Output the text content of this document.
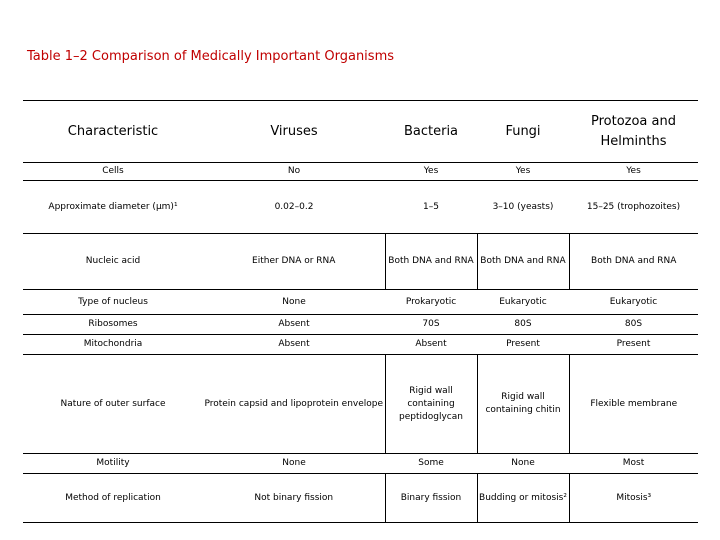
Table 1–2 Comparison of Medically Important Organisms
Characteristic	Viruses	Bacteria	Fungi	Protozoa and Helminths
Cells	No	Yes	Yes	Yes
Approximate diameter (μm)¹	0.02–0.2	1–5	3–10 (yeasts)	15–25 (trophozoites)
Nucleic acid	Either DNA or RNA	Both DNA and RNA	Both DNA and RNA	Both DNA and RNA
Type of nucleus	None	Prokaryotic	Eukaryotic	Eukaryotic
Ribosomes	Absent	70S	80S	80S
Mitochondria	Absent	Absent	Present	Present
Nature of outer surface	Protein capsid and lipoprotein envelope	Rigid wall containing peptidoglycan	Rigid wall containing chitin	Flexible membrane
Motility	None	Some	None	Most
Method of replication	Not binary fission	Binary fission	Budding or mitosis²	Mitosis³
